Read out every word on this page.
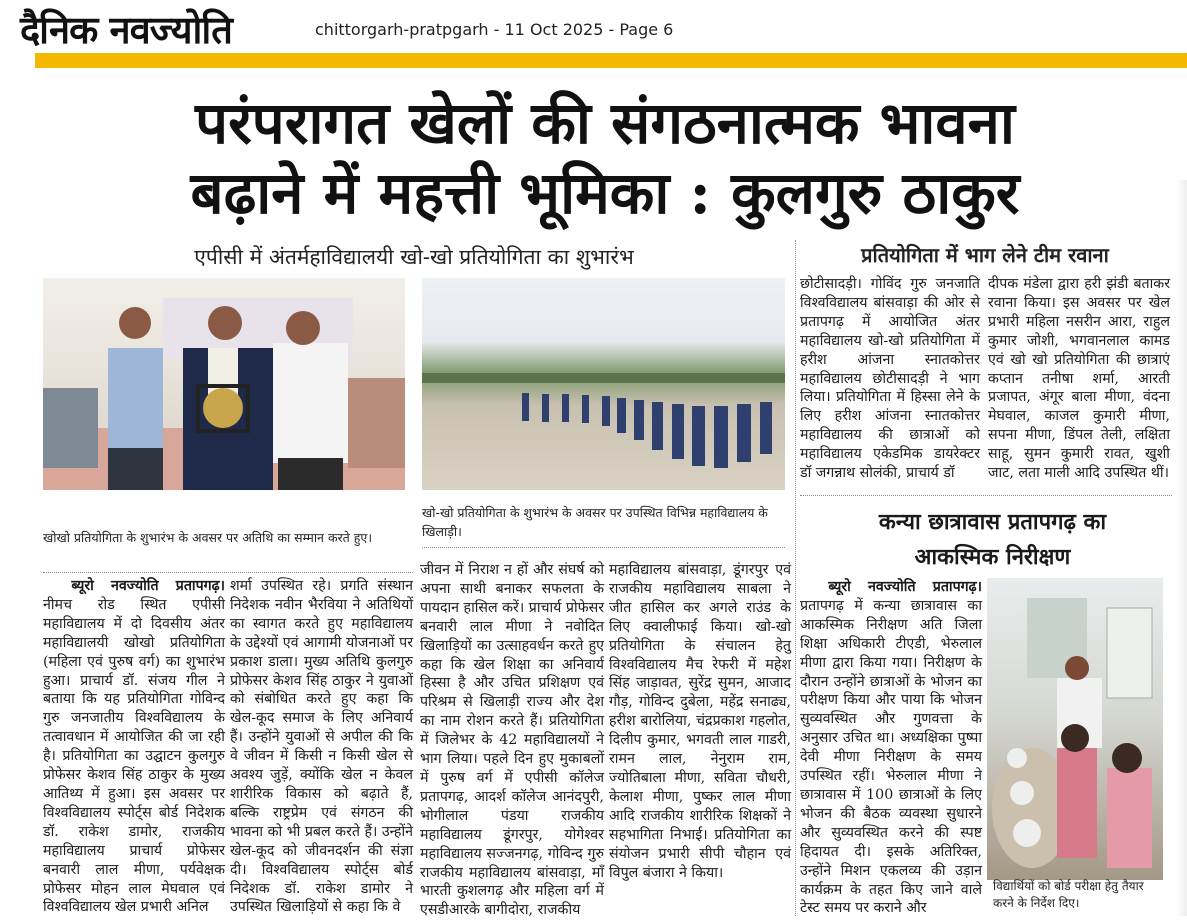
दैनिक नवज्योति	chittorgarh-pratpgarh - 11 Oct 2025 - Page 6
परंपरागत खेलों की संगठनात्मक भावना
बढ़ाने में महत्ती भूमिका : कुलगुरु ठाकुर
एपीसी में अंतर्महाविद्यालयी खो-खो प्रतियोगिता का शुभारंभ	प्रतियोगिता में भाग लेने टीम रवाना
खोखो प्रतियोगिता के शुभारंभ के अवसर पर अतिथि का सम्मान करते हुए।
खो-खो प्रतियोगिता के शुभारंभ के अवसर पर उपस्थित विभिन्न महाविद्यालय के खिलाड़ी।
ब्यूरो नवज्योति प्रतापगढ़। नीमच रोड स्थित एपीसी महाविद्यालय में दो दिवसीय अंतर महाविद्यालयी खोखो प्रतियोगिता (महिला एवं पुरुष वर्ग) का शुभारंभ हुआ। प्राचार्य डॉ. संजय गील ने बताया कि यह प्रतियोगिता गोविन्द गुरु जनजातीय विश्वविद्यालय के तत्वावधान में आयोजित की जा रही है। प्रतियोगिता का उद्घाटन कुलगुरु प्रोफेसर केशव सिंह ठाकुर के मुख्य आतिथ्य में हुआ। इस अवसर पर विश्वविद्यालय स्पोर्ट्स बोर्ड निदेशक डॉ. राकेश डामोर, राजकीय महाविद्यालय प्राचार्य प्रोफेसर बनवारी लाल मीणा, पर्यवेक्षक प्रोफेसर मोहन लाल मेघवाल एवं विश्वविद्यालय खेल प्रभारी अनिल
शर्मा उपस्थित रहे। प्रगति संस्थान निदेशक नवीन भैरविया ने अतिथियों का स्वागत करते हुए महाविद्यालय के उद्देश्यों एवं आगामी योजनाओं पर प्रकाश डाला। मुख्य अतिथि कुलगुरु प्रोफेसर केशव सिंह ठाकुर ने युवाओं को संबोधित करते हुए कहा कि खेल-कूद समाज के लिए अनिवार्य हैं। उन्होंने युवाओं से अपील की कि वे जीवन में किसी न किसी खेल से अवश्य जुड़ें, क्योंकि खेल न केवल शारीरिक विकास को बढ़ाते हैं, बल्कि राष्ट्रप्रेम एवं संगठन की भावना को भी प्रबल करते हैं। उन्होंने खेल-कूद को जीवनदर्शन की संज्ञा दी। विश्वविद्यालय स्पोर्ट्स बोर्ड निदेशक डॉ. राकेश डामोर ने उपस्थित खिलाड़ियों से कहा कि वे
जीवन में निराश न हों और संघर्ष को अपना साथी बनाकर सफलता के पायदान हासिल करें। प्राचार्य प्रोफेसर बनवारी लाल मीणा ने नवोदित खिलाड़ियों का उत्साहवर्धन करते हुए कहा कि खेल शिक्षा का अनिवार्य हिस्सा है और उचित प्रशिक्षण एवं परिश्रम से खिलाड़ी राज्य और देश का नाम रोशन करते हैं। प्रतियोगिता में जिलेभर के 42 महाविद्यालयों ने भाग लिया। पहले दिन हुए मुकाबलों में पुरुष वर्ग में एपीसी कॉलेज प्रतापगढ़, आदर्श कॉलेज आनंदपुरी, भोगीलाल पंडया राजकीय महाविद्यालय डूंगरपुर, योगेश्वर महाविद्यालय सज्जनगढ़, गोविन्द गुरु राजकीय महाविद्यालय बांसवाड़ा, माँ भारती कुशलगढ़ और महिला वर्ग में एसडीआरके बागीदोरा, राजकीय
महाविद्यालय बांसवाड़ा, डूंगरपुर एवं राजकीय महाविद्यालय साबला ने जीत हासिल कर अगले राउंड के लिए क्वालीफाई किया। खो-खो प्रतियोगिता के संचालन हेतु विश्वविद्यालय मैच रेफरी में महेश सिंह जाड़ावत, सुरेंद्र सुमन, आजाद गौड़, गोविन्द दुबेला, महेंद्र सनाढ्य, हरीश बारोलिया, चंद्रप्रकाश गहलोत, दिलीप कुमार, भगवती लाल गाडरी, रामन लाल, नेनुराम राम, ज्योतिबाला मीणा, सविता चौधरी, केलाश मीणा, पुष्कर लाल मीणा आदि राजकीय शारीरिक शिक्षकों ने सहभागिता निभाई। प्रतियोगिता का संयोजन प्रभारी सीपी चौहान एवं विपुल बंजारा ने किया।
छोटीसादड़ी। गोविंद गुरु जनजाति विश्वविद्यालय बांसवाड़ा की ओर से प्रतापगढ़ में आयोजित अंतर महाविद्यालय खो-खो प्रतियोगिता में हरीश आंजना स्नातकोत्तर महाविद्यालय छोटीसादड़ी ने भाग लिया। प्रतियोगिता में हिस्सा लेने के लिए हरीश आंजना स्नातकोत्तर महाविद्यालय की छात्राओं को महाविद्यालय एकेडमिक डायरेक्टर डॉ जगन्नाथ सोलंकी, प्राचार्य डॉ
दीपक मंडेला द्वारा हरी झंडी बताकर रवाना किया। इस अवसर पर खेल प्रभारी महिला नसरीन आरा, राहुल कुमार जोशी, भगवानलाल कामड एवं खो खो प्रतियोगिता की छात्राएं कप्तान तनीषा शर्मा, आरती प्रजापत, अंगूर बाला मीणा, वंदना मेघवाल, काजल कुमारी मीणा, सपना मीणा, डिंपल तेली, लक्षिता साहू, सुमन कुमारी रावत, खुशी जाट, लता माली आदि उपस्थित थीं।
कन्या छात्रावास प्रतापगढ़ का
आकस्मिक निरीक्षण
ब्यूरो नवज्योति प्रतापगढ़। प्रतापगढ़ में कन्या छात्रावास का आकस्मिक निरीक्षण अति जिला शिक्षा अधिकारी टीएडी, भेरुलाल मीणा द्वारा किया गया। निरीक्षण के दौरान उन्होंने छात्राओं के भोजन का परीक्षण किया और पाया कि भोजन सुव्यवस्थित और गुणवत्ता के अनुसार उचित था। अध्यक्षिका पुष्पा देवी मीणा निरीक्षण के समय उपस्थित रहीं। भेरुलाल मीणा ने छात्रावास में 100 छात्राओं के लिए भोजन की बैठक व्यवस्था सुधारने और सुव्यवस्थित करने की स्पष्ट हिदायत दी। इसके अतिरिक्त, उन्होंने मिशन एकलव्य की उड़ान कार्यक्रम के तहत किए जाने वाले टेस्ट समय पर कराने और
विद्यार्थियों को बोर्ड परीक्षा हेतु तैयार करने के निर्देश दिए।
